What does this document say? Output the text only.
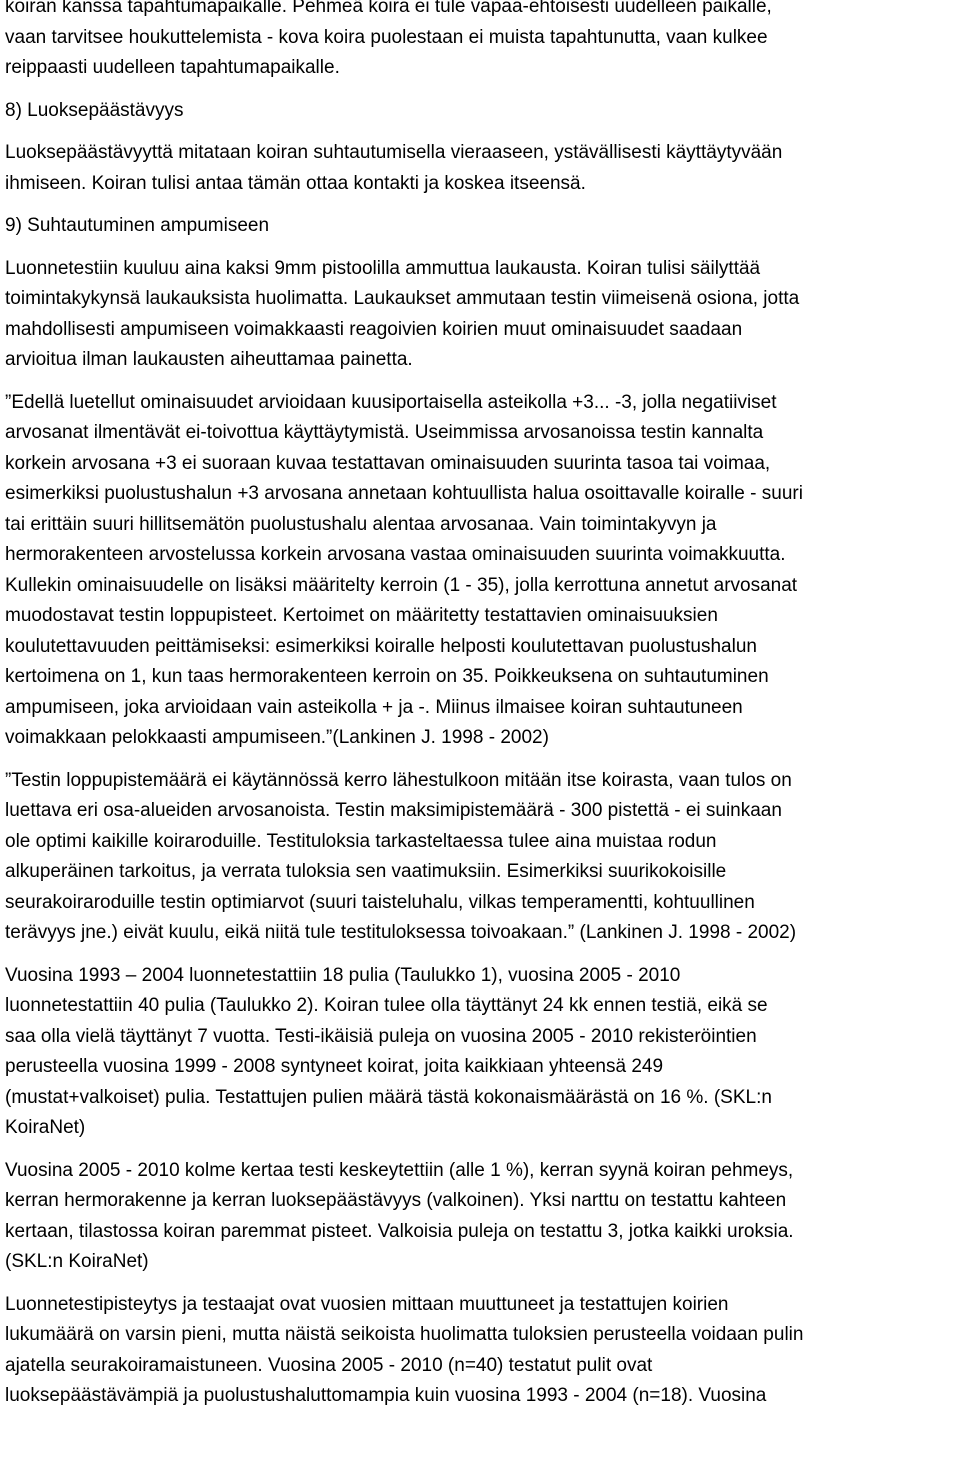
koiran kanssa tapahtumapaikalle. Pehmeä koira ei tule vapaa-ehtoisesti uudelleen paikalle,
vaan tarvitsee houkuttelemista - kova koira puolestaan ei muista tapahtunutta, vaan kulkee
reippaasti uudelleen tapahtumapaikalle.
8) Luoksepäästävyys
Luoksepäästävyyttä mitataan koiran suhtautumisella vieraaseen, ystävällisesti käyttäytyvään
ihmiseen. Koiran tulisi antaa tämän ottaa kontakti ja koskea itseensä.
9) Suhtautuminen ampumiseen
Luonnetestiin kuuluu aina kaksi 9mm pistoolilla ammuttua laukausta. Koiran tulisi säilyttää
toimintakykynsä laukauksista huolimatta. Laukaukset ammutaan testin viimeisenä osiona, jotta
mahdollisesti ampumiseen voimakkaasti reagoivien koirien muut ominaisuudet saadaan
arvioitua ilman laukausten aiheuttamaa painetta.
”Edellä luetellut ominaisuudet arvioidaan kuusiportaisella asteikolla +3... -3, jolla negatiiviset
arvosanat ilmentävät ei-toivottua käyttäytymistä. Useimmissa arvosanoissa testin kannalta
korkein arvosana +3 ei suoraan kuvaa testattavan ominaisuuden suurinta tasoa tai voimaa,
esimerkiksi puolustushalun +3 arvosana annetaan kohtuullista halua osoittavalle koiralle - suuri
tai erittäin suuri hillitsemätön puolustushalu alentaa arvosanaa. Vain toimintakyvyn ja
hermorakenteen arvostelussa korkein arvosana vastaa ominaisuuden suurinta voimakkuutta.
Kullekin ominaisuudelle on lisäksi määritelty kerroin (1 - 35), jolla kerrottuna annetut arvosanat
muodostavat testin loppupisteet. Kertoimet on määritetty testattavien ominaisuuksien
koulutettavuuden peittämiseksi: esimerkiksi koiralle helposti koulutettavan puolustushalun
kertoimena on 1, kun taas hermorakenteen kerroin on 35. Poikkeuksena on suhtautuminen
ampumiseen, joka arvioidaan vain asteikolla + ja -. Miinus ilmaisee koiran suhtautuneen
voimakkaan pelokkaasti ampumiseen.”(Lankinen J. 1998 - 2002)
”Testin loppupistemäärä ei käytännössä kerro lähestulkoon mitään itse koirasta, vaan tulos on
luettava eri osa-alueiden arvosanoista. Testin maksimipistemäärä - 300 pistettä - ei suinkaan
ole optimi kaikille koiraroduille. Testituloksia tarkasteltaessa tulee aina muistaa rodun
alkuperäinen tarkoitus, ja verrata tuloksia sen vaatimuksiin. Esimerkiksi suurikokoisille
seurakoiraroduille testin optimiarvot (suuri taisteluhalu, vilkas temperamentti, kohtuullinen
terävyys jne.) eivät kuulu, eikä niitä tule testituloksessa toivoakaan.” (Lankinen J. 1998 - 2002)
Vuosina 1993 – 2004 luonnetestattiin 18 pulia (Taulukko 1), vuosina 2005 - 2010
luonnetestattiin 40 pulia (Taulukko 2). Koiran tulee olla täyttänyt 24 kk ennen testiä, eikä se
saa olla vielä täyttänyt 7 vuotta. Testi-ikäisiä puleja on vuosina 2005 - 2010 rekisteröintien
perusteella vuosina 1999 - 2008 syntyneet koirat, joita kaikkiaan yhteensä 249
(mustat+valkoiset) pulia. Testattujen pulien määrä tästä kokonaismäärästä on 16 %. (SKL:n
KoiraNet)
Vuosina 2005 - 2010 kolme kertaa testi keskeytettiin (alle 1 %), kerran syynä koiran pehmeys,
kerran hermorakenne ja kerran luoksepäästävyys (valkoinen). Yksi narttu on testattu kahteen
kertaan, tilastossa koiran paremmat pisteet. Valkoisia puleja on testattu 3, jotka kaikki uroksia.
(SKL:n KoiraNet)
Luonnetestipisteytys ja testaajat ovat vuosien mittaan muuttuneet ja testattujen koirien
lukumäärä on varsin pieni, mutta näistä seikoista huolimatta tuloksien perusteella voidaan pulin
ajatella seurakoiramaistuneen. Vuosina 2005 - 2010 (n=40) testatut pulit ovat
luoksepäästävämpiä ja puolustushaluttomampia kuin vuosina 1993 - 2004 (n=18). Vuosina
